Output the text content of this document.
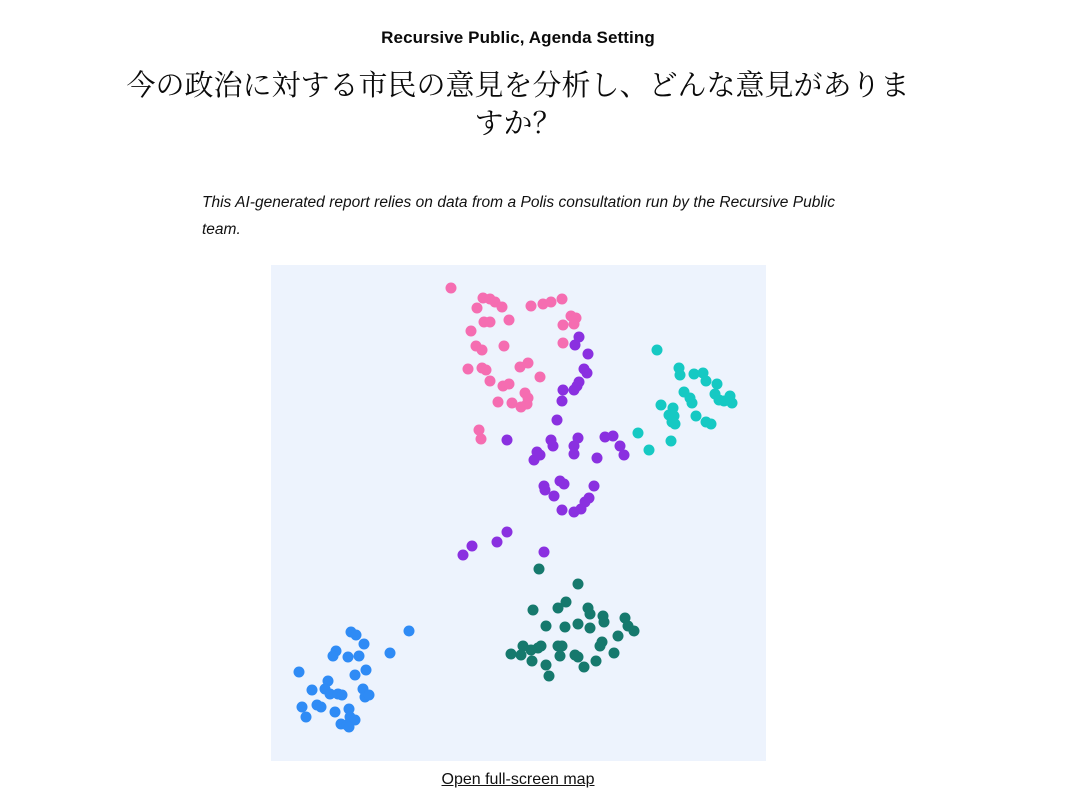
Recursive Public, Agenda Setting
今の政治に対する市民の意見を分析し、どんな意見がありますか？

This AI-generated report relies on data from a Polis consultation run by the Recursive Public team.

Open full-screen map
